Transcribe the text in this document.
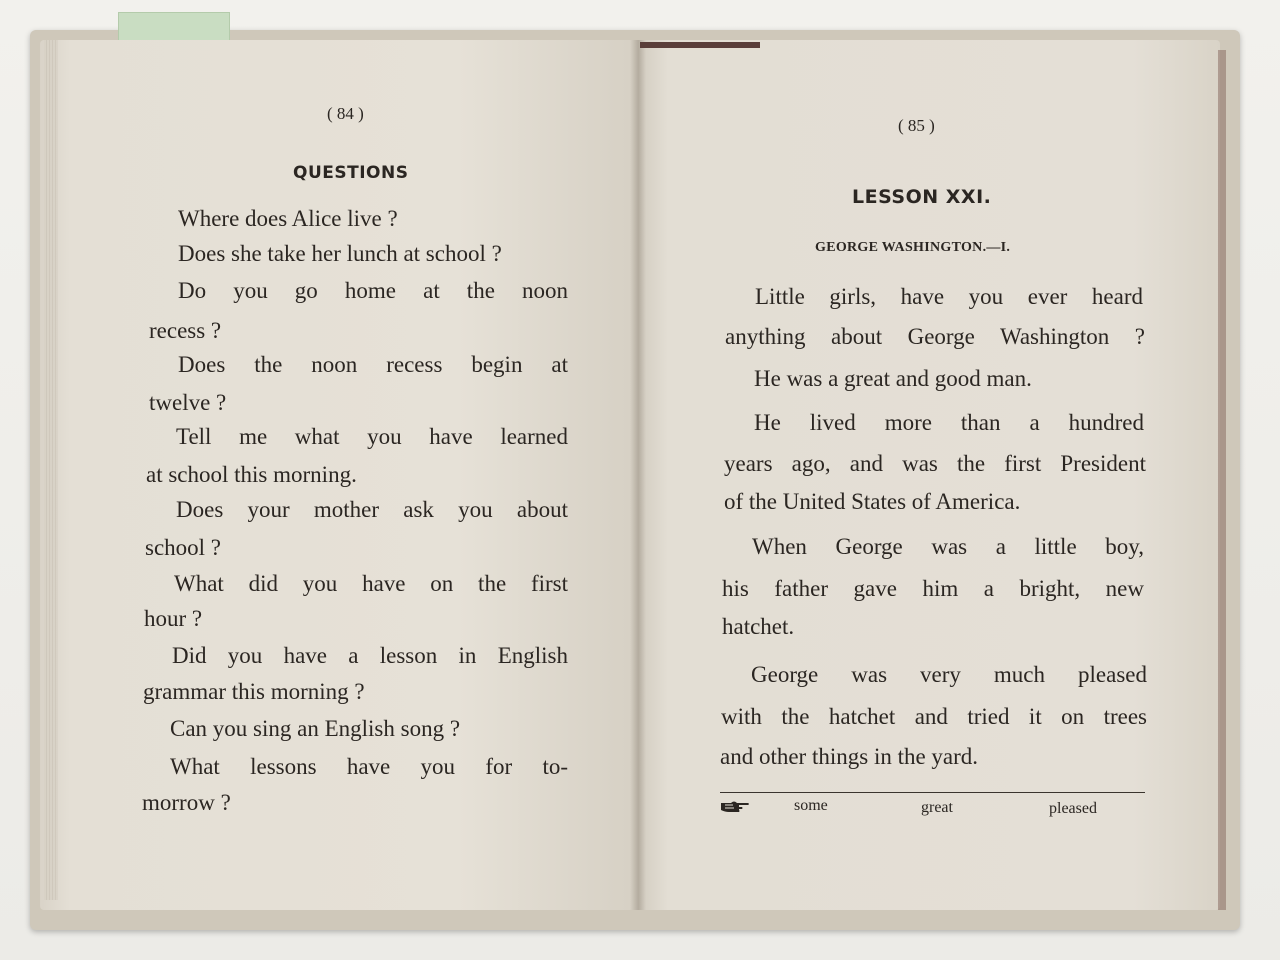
( 84 )
QUESTIONS
Where does Alice live ?
Does she take her lunch at school ?
Do you go home at the noon
recess ?
Does the noon recess begin at
twelve ?
Tell me what you have learned
at school this morning.
Does your mother ask you about
school ?
What did you have on the first
hour ?
Did you have a lesson in English
grammar this morning ?
Can you sing an English song ?
What lessons have you for to-
morrow ?
( 85 )
LESSON XXI.
GEORGE WASHINGTON.—I.
Little girls, have you ever heard
anything about George Washington ?
He was a great and good man.
He lived more than a hundred
years ago, and was the first President
of the United States of America.
When George was a little boy,
his father gave him a bright, new
hatchet.
George was very much pleased
with the hatchet and tried it on trees
and other things in the yard.
some	great	pleased
